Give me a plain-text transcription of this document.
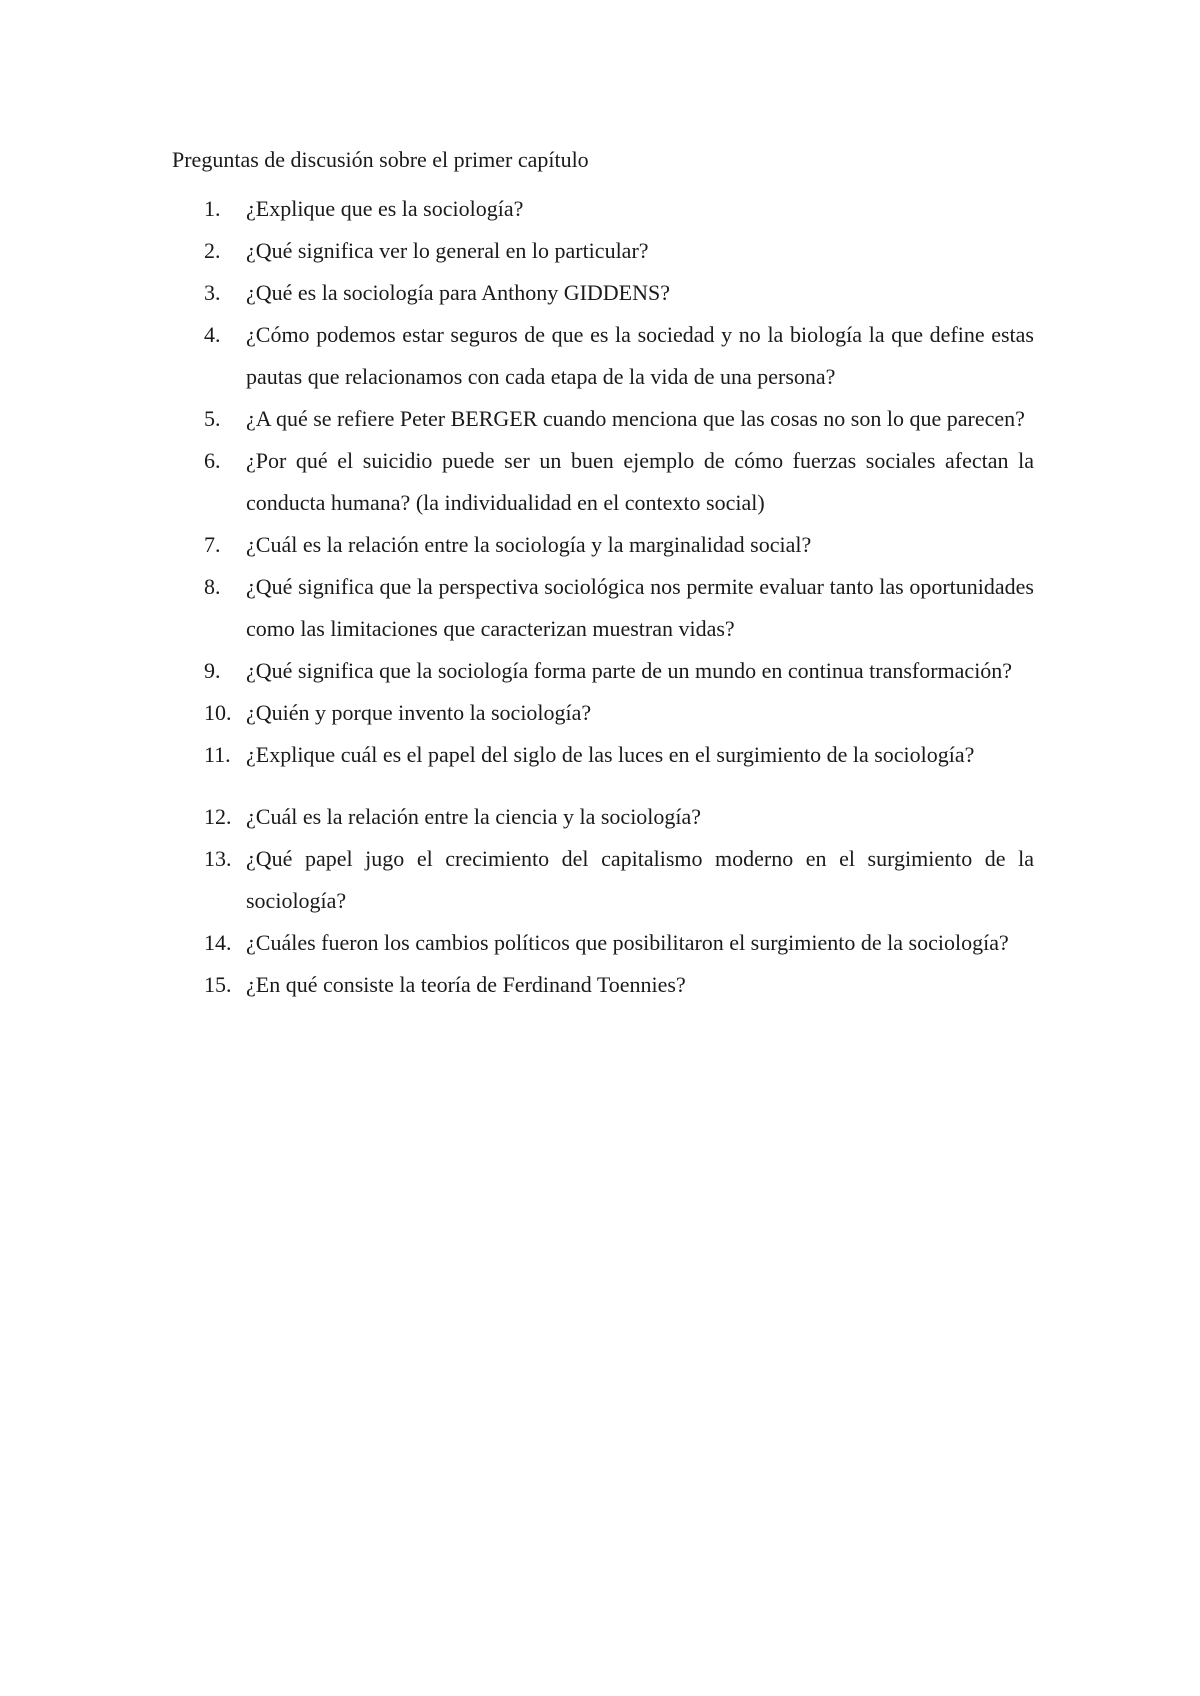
Preguntas de discusión sobre el primer capítulo
1. ¿Explique que es la sociología?
2. ¿Qué significa ver lo general en lo particular?
3. ¿Qué es la sociología para Anthony GIDDENS?
4. ¿Cómo podemos estar seguros de que es la sociedad y no la biología la que define estas pautas que relacionamos con cada etapa de la vida de una persona?
5. ¿A qué se refiere Peter BERGER cuando menciona que las cosas no son lo que parecen?
6. ¿Por qué el suicidio puede ser un buen ejemplo de cómo fuerzas sociales afectan la conducta humana? (la individualidad en el contexto social)
7. ¿Cuál es la relación entre la sociología y la marginalidad social?
8. ¿Qué significa que la perspectiva sociológica nos permite evaluar tanto las oportunidades como las limitaciones que caracterizan muestran vidas?
9. ¿Qué significa que la sociología forma parte de un mundo en continua transformación?
10. ¿Quién y porque invento la sociología?
11. ¿Explique cuál es el papel del siglo de las luces en el surgimiento de la sociología?
12. ¿Cuál es la relación entre la ciencia y la sociología?
13. ¿Qué papel jugo el crecimiento del capitalismo moderno en el surgimiento de la sociología?
14. ¿Cuáles fueron los cambios políticos que posibilitaron el surgimiento de la sociología?
15. ¿En qué consiste la teoría de Ferdinand Toennies?
